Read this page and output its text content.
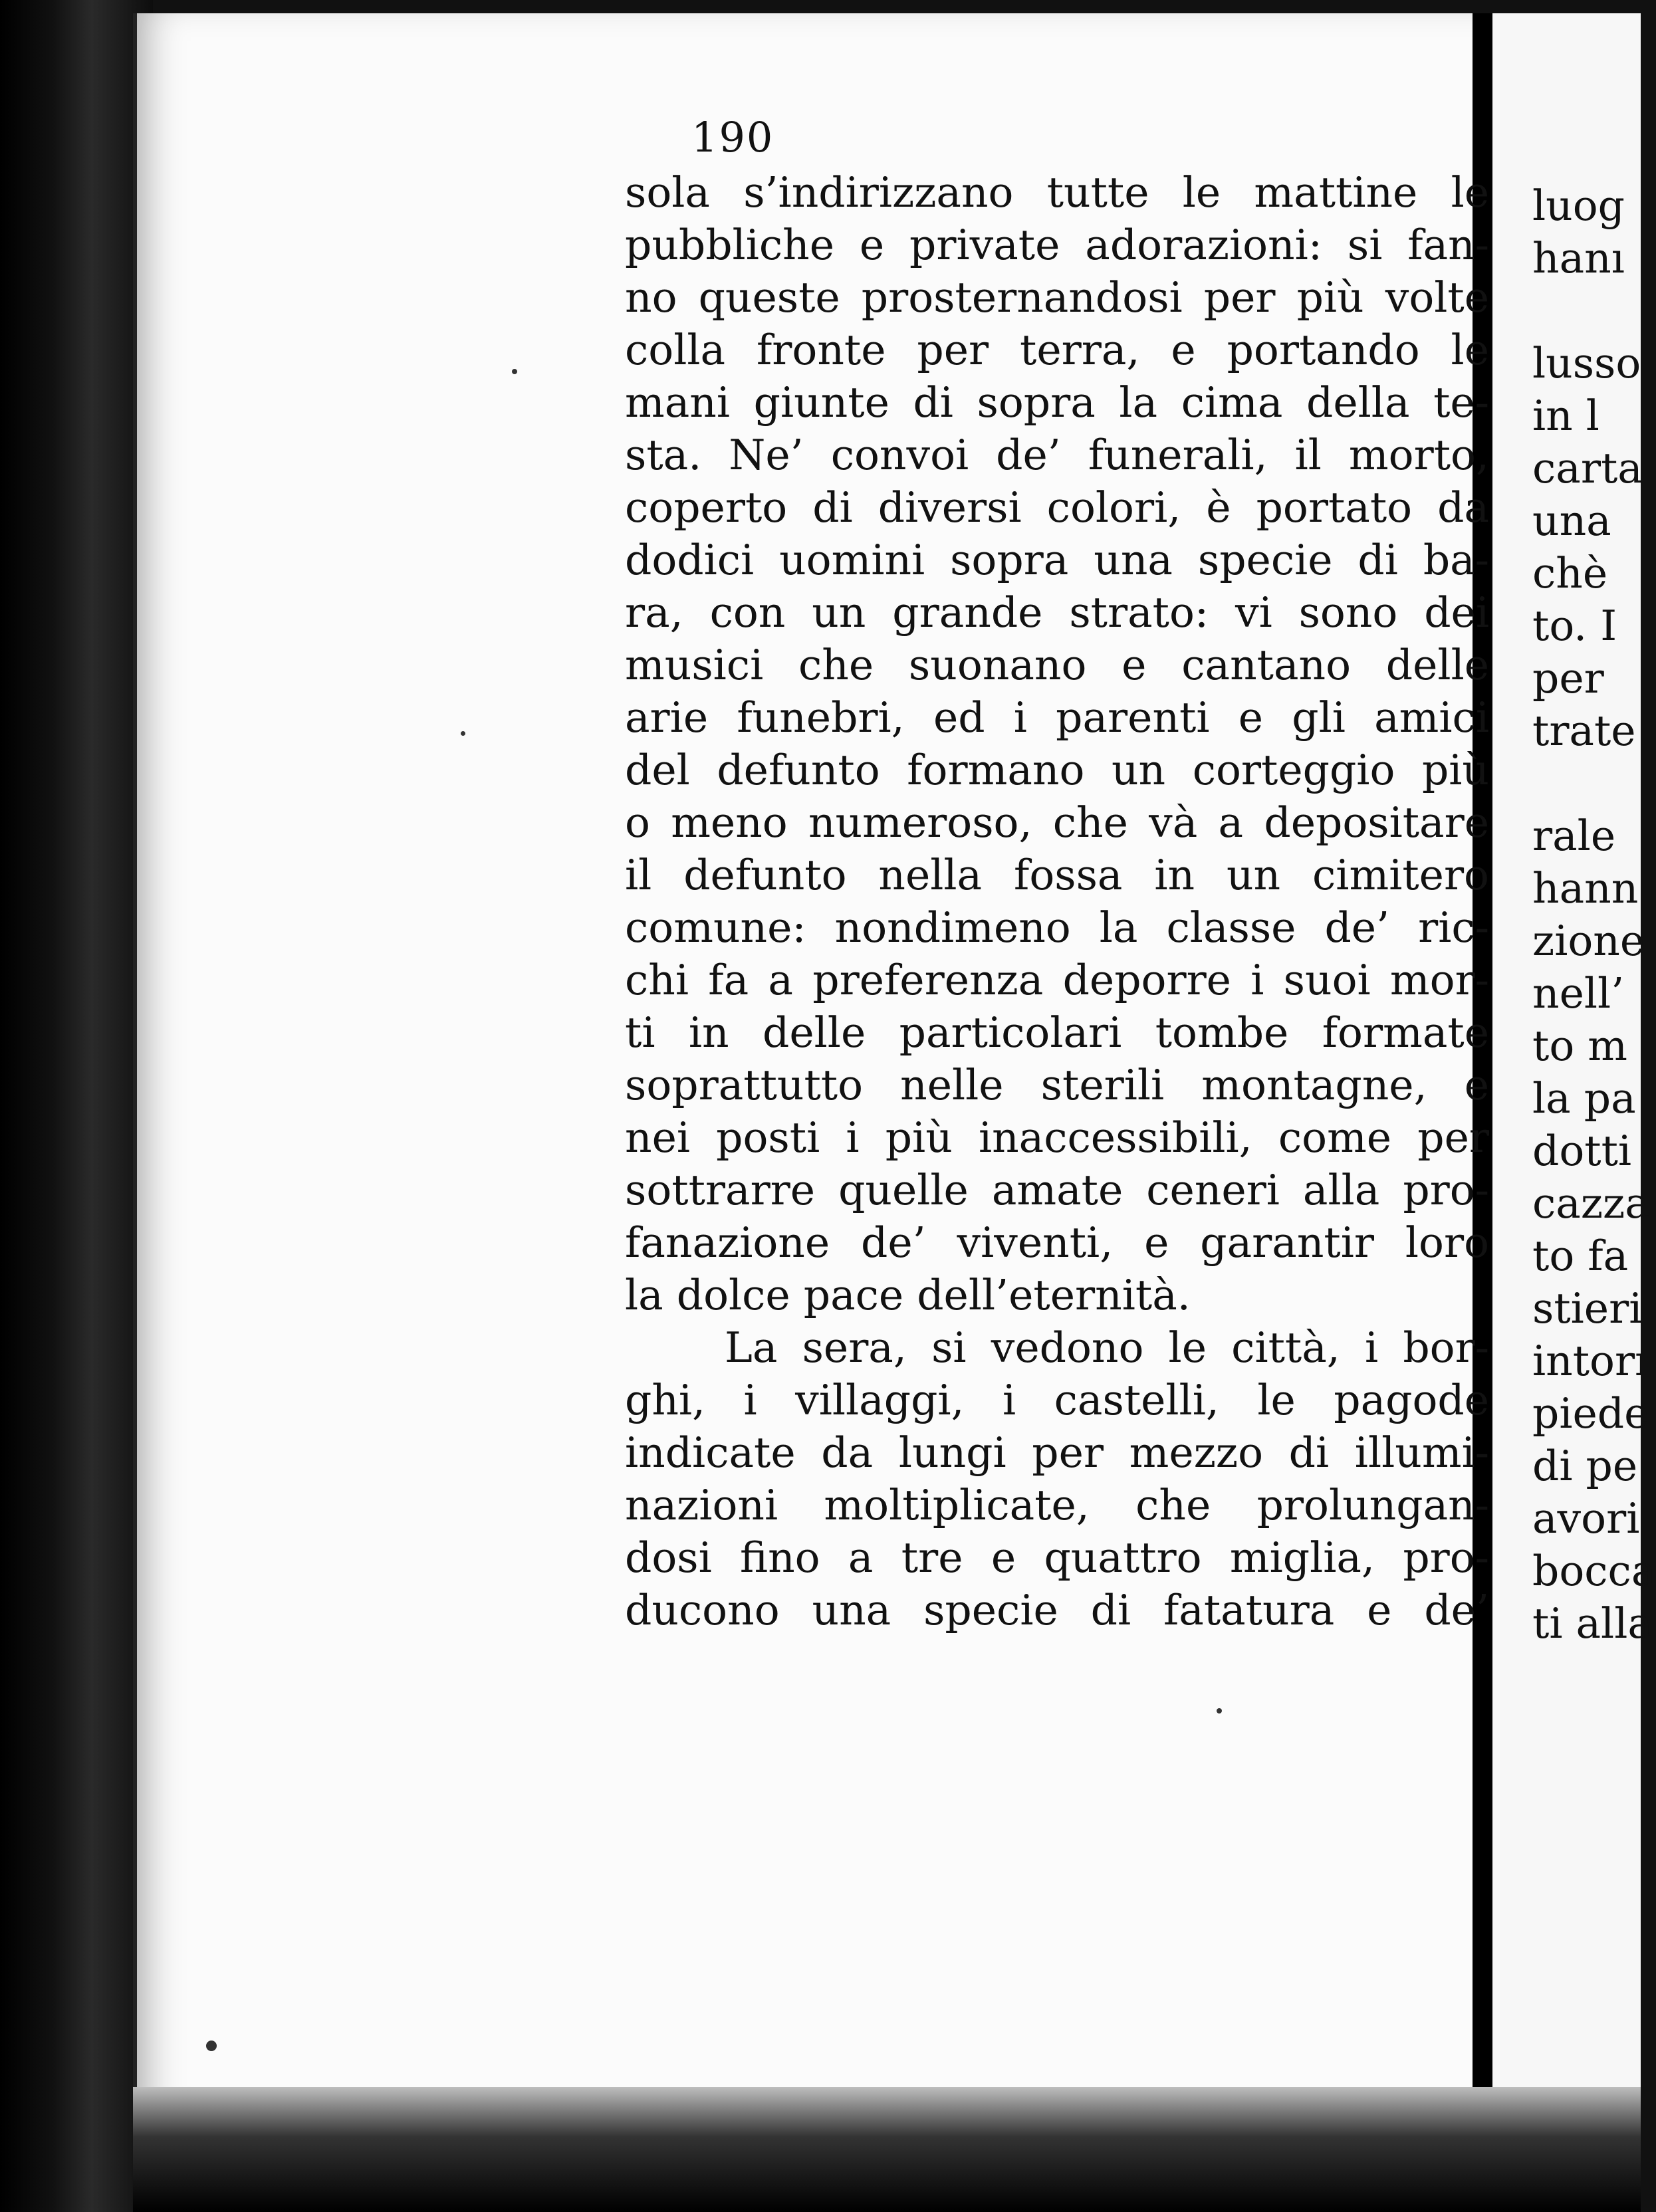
luog
hanı
lusso
in l
carta
una
chè
to. I
per
trate
rale
hann
zione
nell’
to m
la pa
dotti
cazza
to fa
stieri
intorı
piede
di pe
avori
bocca
ti alla
190
sola s’indirizzano tutte le mattine le
pubbliche e private adorazioni: si fan-
no queste prosternandosi per più volte
colla fronte per terra, e portando le
mani giunte di sopra la cima della te-
sta. Ne’ convoi de’ funerali, il morto,
coperto di diversi colori, è portato da
dodici uomini sopra una specie di ba-
ra, con un grande strato: vi sono dei
musici che suonano e cantano delle
arie funebri, ed i parenti e gli amici
del defunto formano un corteggio più
o meno numeroso, che và a depositare
il defunto nella fossa in un cimitero
comune: nondimeno la classe de’ ric-
chi fa a preferenza deporre i suoi mor-
ti in delle particolari tombe formate
soprattutto nelle sterili montagne, e
nei posti i più inaccessibili, come per
sottrarre quelle amate ceneri alla pro-
fanazione de’ viventi, e garantir loro
la dolce pace dell’eternità.
La sera, si vedono le città, i bor-
ghi, i villaggi, i castelli, le pagode
indicate da lungi per mezzo di illumi-
nazioni moltiplicate, che prolungan-
dosi fino a tre e quattro miglia, pro-
ducono una specie di fatatura e de’
